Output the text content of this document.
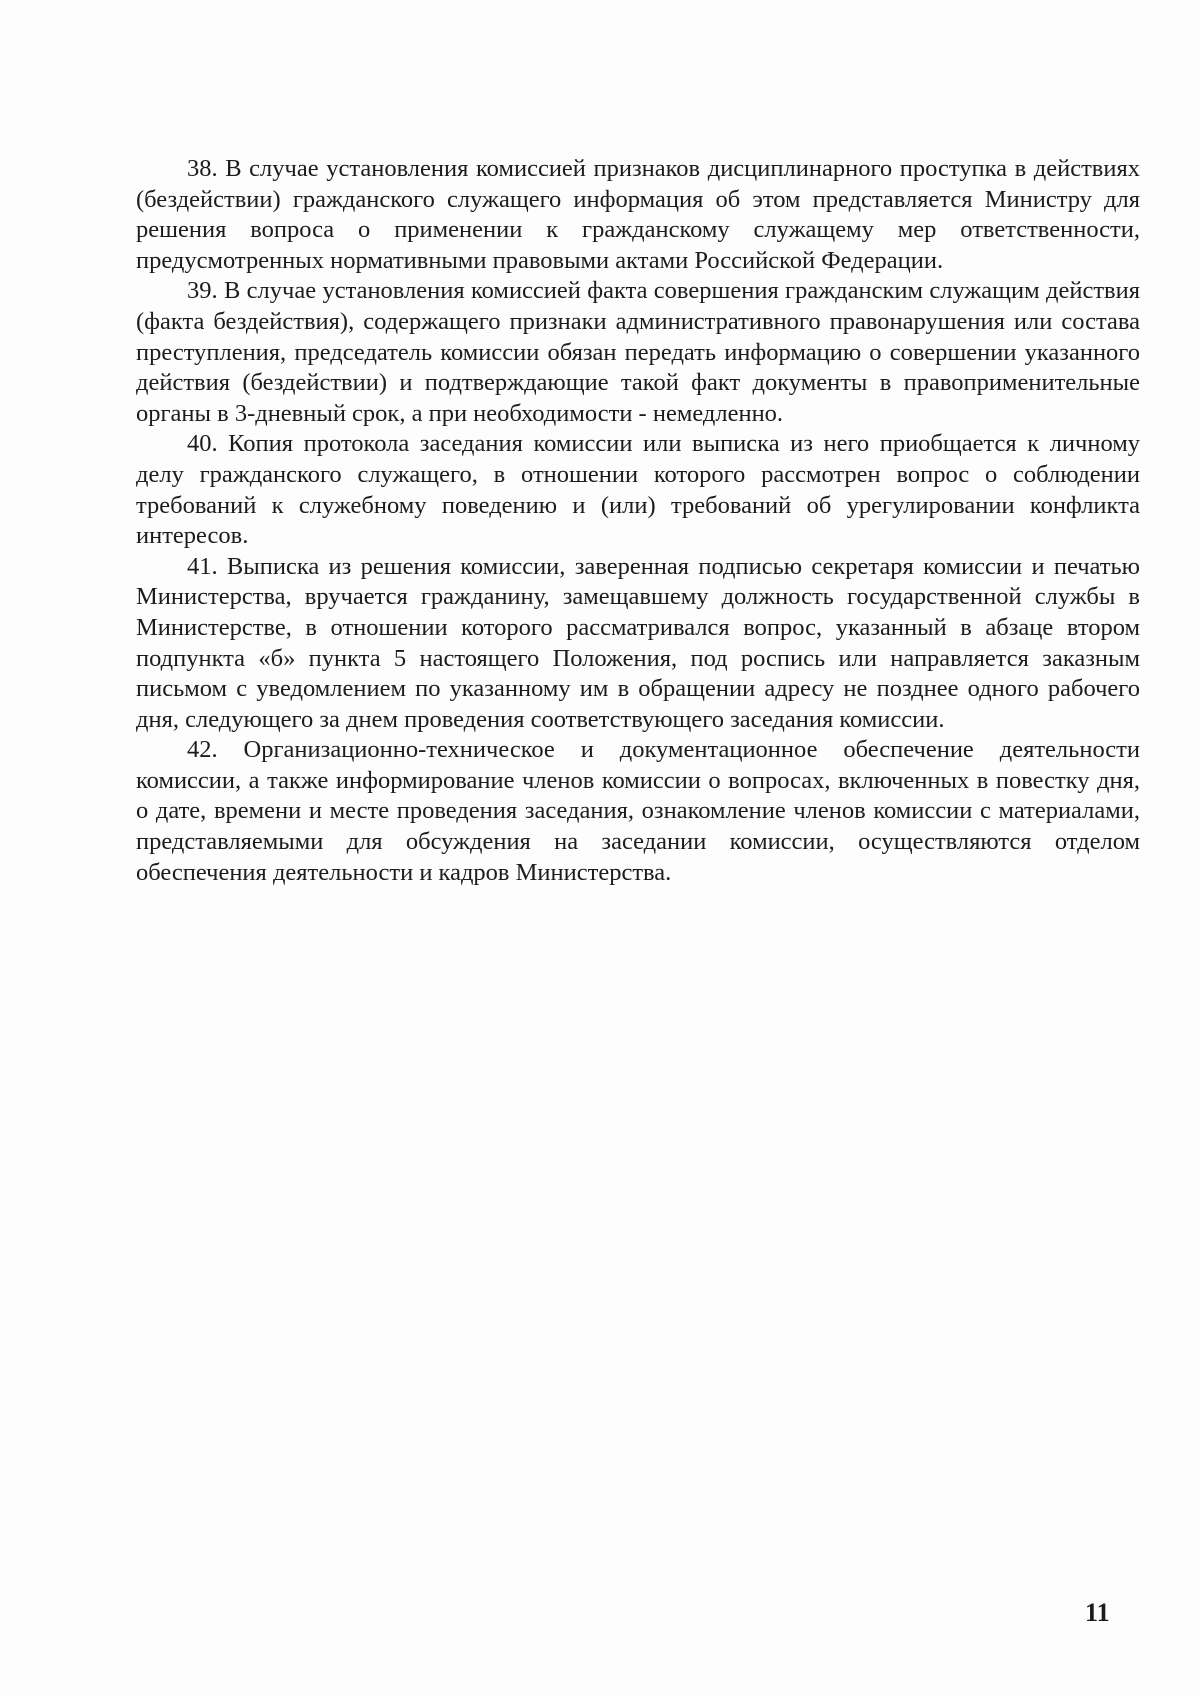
38. В случае установления комиссией признаков дисциплинарного проступка в действиях (бездействии) гражданского служащего информация об этом представляется Министру для решения вопроса о применении к гражданскому служащему мер ответственности, предусмотренных нормативными правовыми актами Российской Федерации.

39. В случае установления комиссией факта совершения гражданским служащим действия (факта бездействия), содержащего признаки административного правонарушения или состава преступления, председатель комиссии обязан передать информацию о совершении указанного действия (бездействии) и подтверждающие такой факт документы в правоприменительные органы в 3-дневный срок, а при необходимости - немедленно.

40. Копия протокола заседания комиссии или выписка из него приобщается к личному делу гражданского служащего, в отношении которого рассмотрен вопрос о соблюдении требований к служебному поведению и (или) требований об урегулировании конфликта интересов.

41. Выписка из решения комиссии, заверенная подписью секретаря комиссии и печатью Министерства, вручается гражданину, замещавшему должность государственной службы в Министерстве, в отношении которого рассматривался вопрос, указанный в абзаце втором подпункта «б» пункта 5 настоящего Положения, под роспись или направляется заказным письмом с уведомлением по указанному им в обращении адресу не позднее одного рабочего дня, следующего за днем проведения соответствующего заседания комиссии.

42. Организационно-техническое и документационное обеспечение деятельности комиссии, а также информирование членов комиссии о вопросах, включенных в повестку дня, о дате, времени и месте проведения заседания, ознакомление членов комиссии с материалами, представляемыми для обсуждения на заседании комиссии, осуществляются отделом обеспечения деятельности и кадров Министерства.

11
